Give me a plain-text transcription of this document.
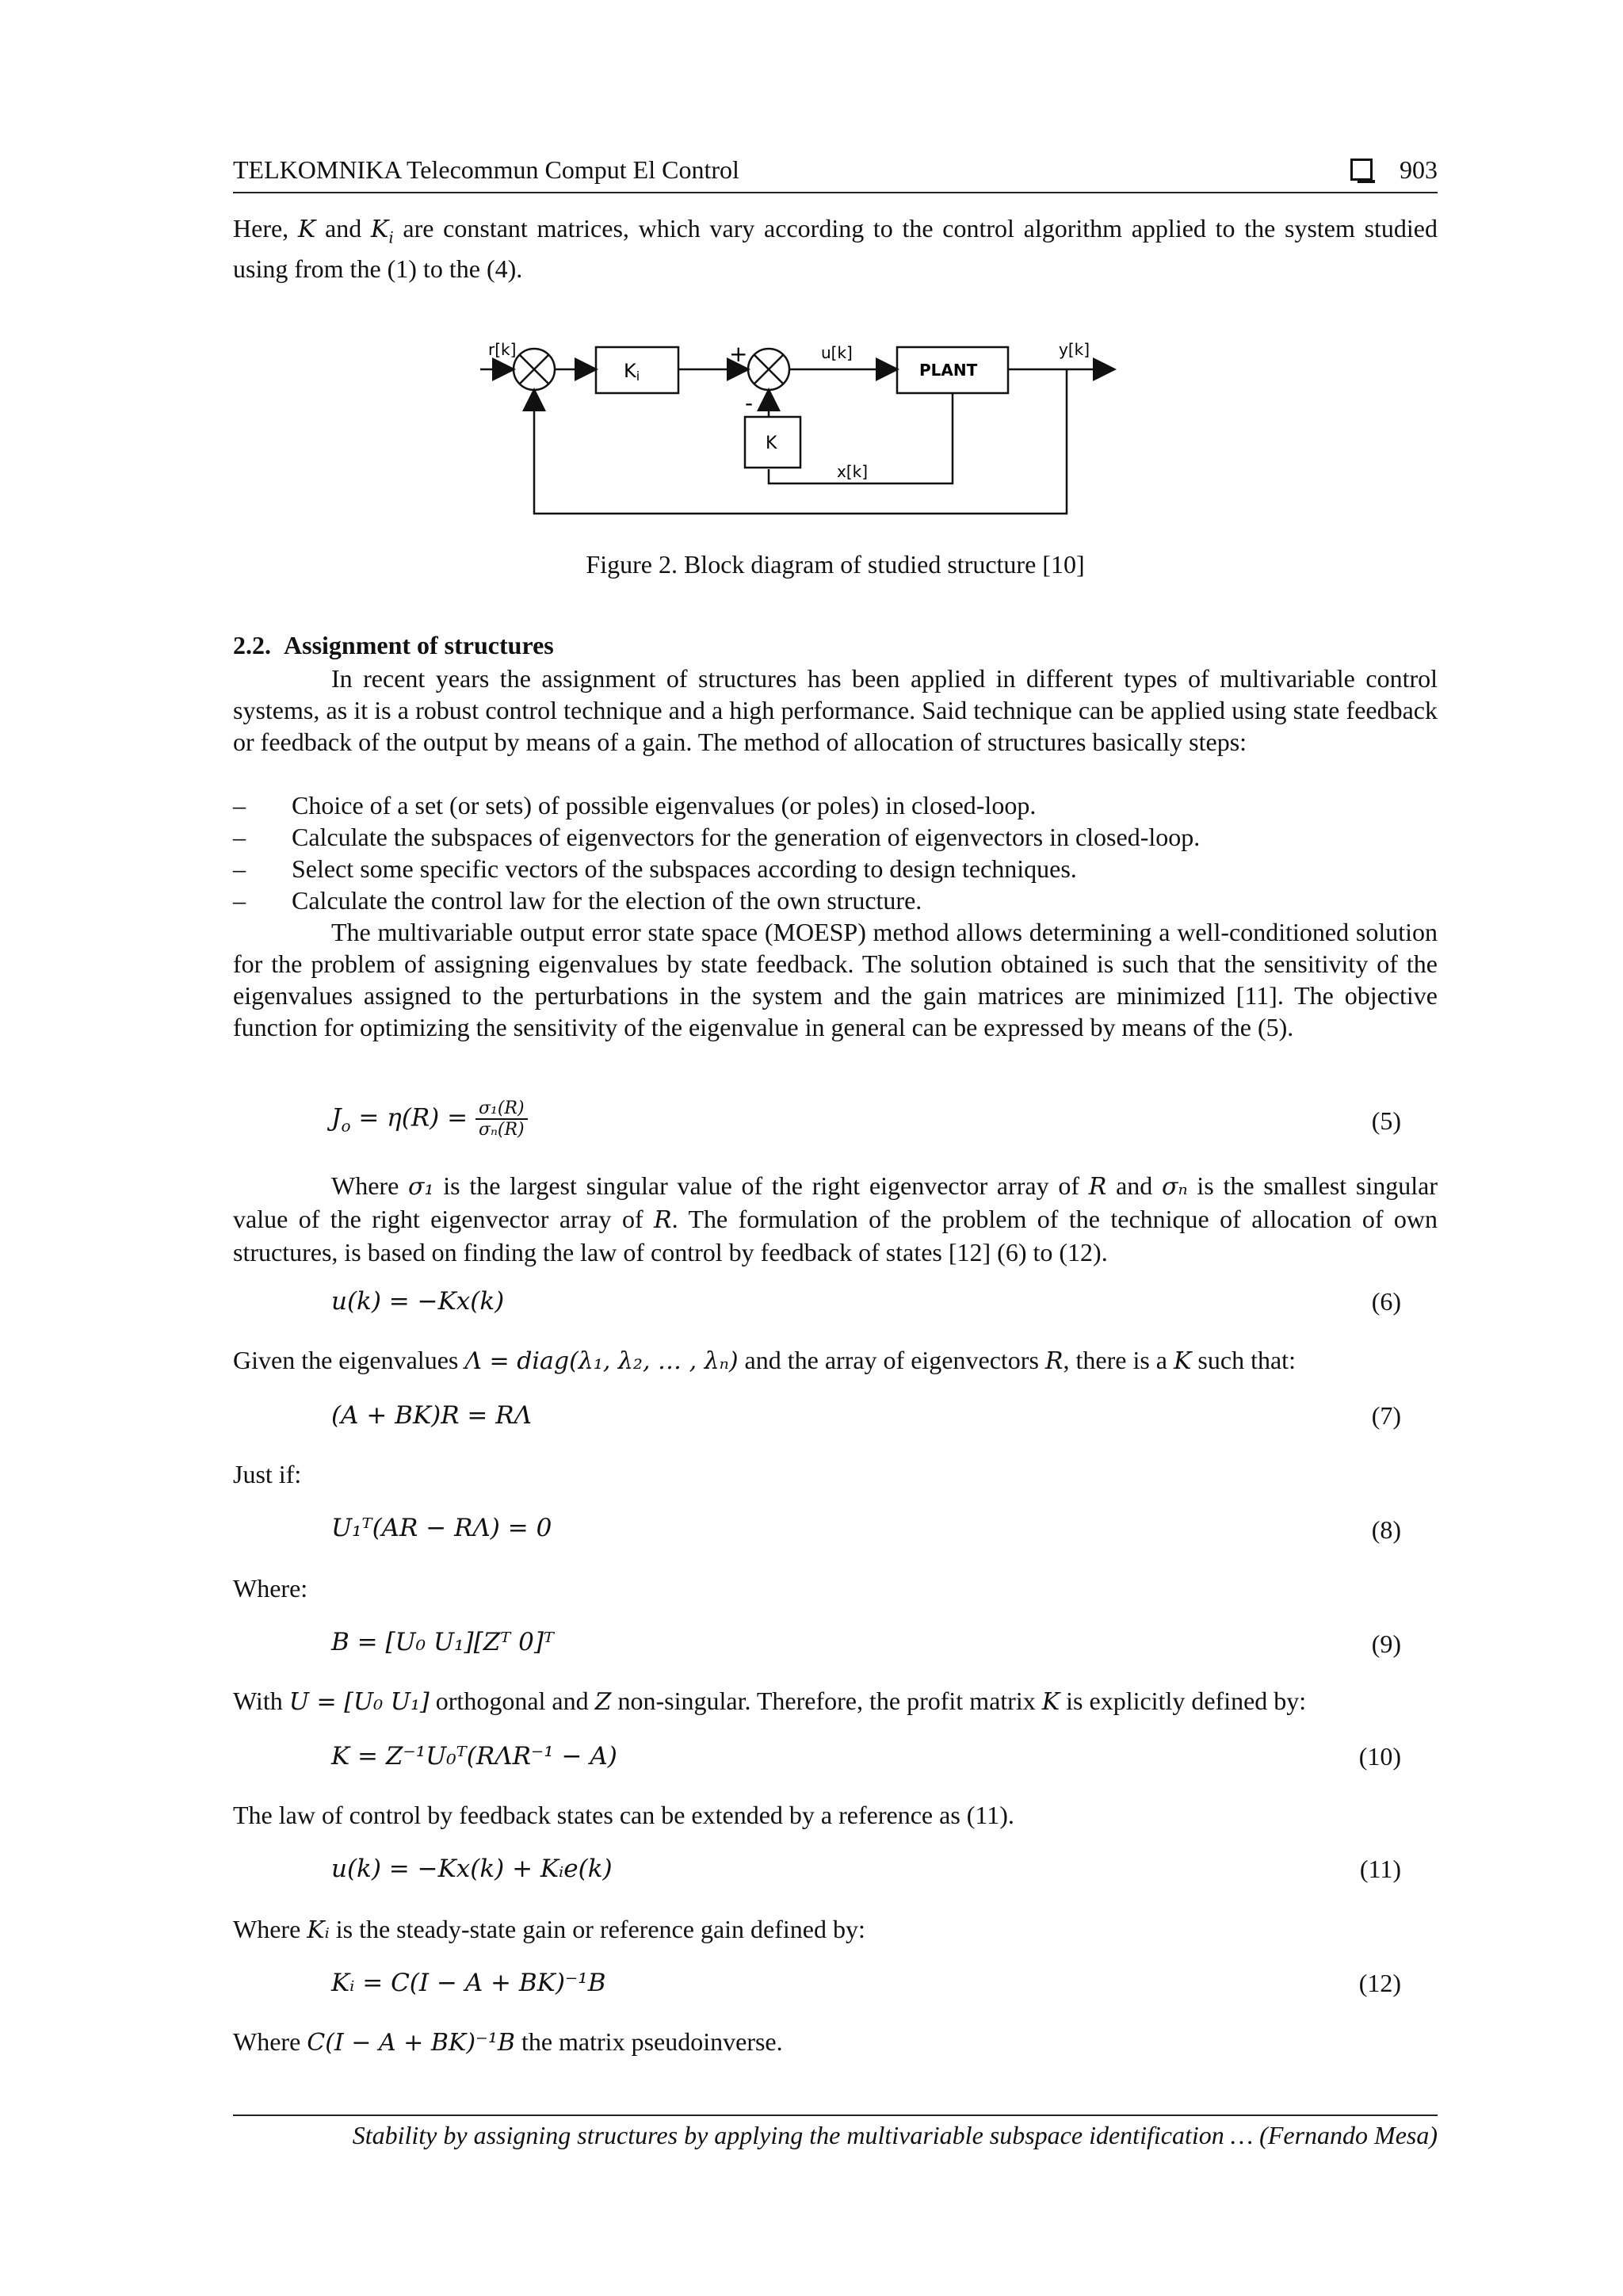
TELKOMNIKA Telecommun Comput El Control	903
Here, K and $K_i$ are constant matrices, which vary according to the control algorithm applied to the system studied using from the (1) to the (4).
r[k]
Ki
+
-
u[k]
PLANT
y[k]
K
x[k]
Figure 2. Block diagram of studied structure [10]
2.2. Assignment of structures
In recent years the assignment of structures has been applied in different types of multivariable control systems, as it is a robust control technique and a high performance. Said technique can be applied using state feedback or feedback of the output by means of a gain. The method of allocation of structures basically steps:
– Choice of a set (or sets) of possible eigenvalues (or poles) in closed-loop.
– Calculate the subspaces of eigenvectors for the generation of eigenvectors in closed-loop.
– Select some specific vectors of the subspaces according to design techniques.
– Calculate the control law for the election of the own structure.
The multivariable output error state space (MOESP) method allows determining a well-conditioned solution for the problem of assigning eigenvalues by state feedback. The solution obtained is such that the sensitivity of the eigenvalues assigned to the perturbations in the system and the gain matrices are minimized [11]. The objective function for optimizing the sensitivity of the eigenvalue in general can be expressed by means of the (5).
$J_o = \eta(R) = \frac{\text{σ₁(R)}}{\text{σₙ(R)}}$	(5)
Where σ₁ is the largest singular value of the right eigenvector array of R and σₙ is the smallest singular value of the right eigenvector array of R. The formulation of the problem of the technique of allocation of own structures, is based on finding the law of control by feedback of states [12] (6) to (12).
u(k) = −Kx(k)	(6)
Given the eigenvalues Λ = diag(λ₁, λ₂, … , λₙ) and the array of eigenvectors R, there is a K such that:
(A + BK)R = RΛ	(7)
Just if:
U₁ᵀ(AR − RΛ) = 0	(8)
Where:
B = [U₀ U₁][Zᵀ 0]ᵀ	(9)
With U = [U₀ U₁] orthogonal and Z non-singular. Therefore, the profit matrix K is explicitly defined by:
K = Z⁻¹U₀ᵀ(RΛR⁻¹ − A)	(10)
The law of control by feedback states can be extended by a reference as (11).
u(k) = −Kx(k) + Kᵢe(k)	(11)
Where Kᵢ is the steady-state gain or reference gain defined by:
Kᵢ = C(I − A + BK)⁻¹B	(12)
Where C(I − A + BK)⁻¹B the matrix pseudoinverse.
Stability by assigning structures by applying the multivariable subspace identification … (Fernando Mesa)
